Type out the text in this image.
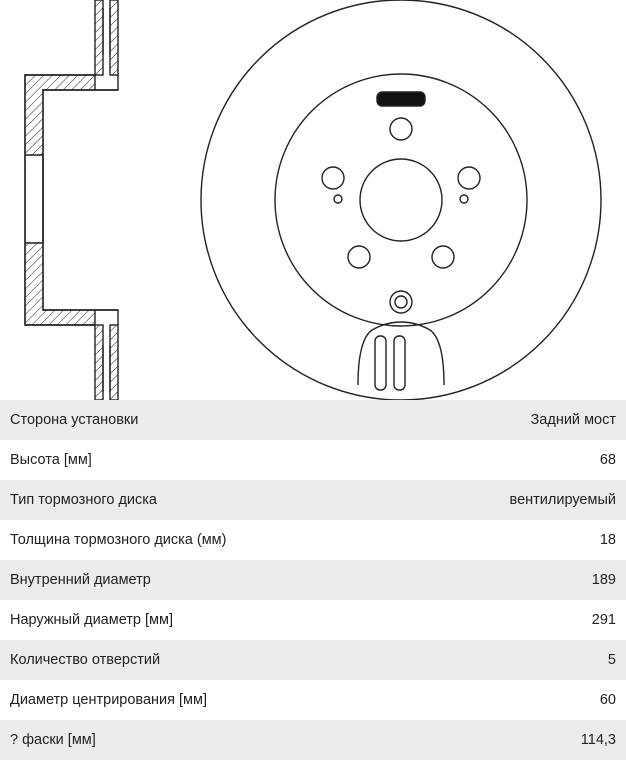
Сторона установки	Задний мост
Высота [мм]	68
Тип тормозного диска	вентилируемый
Толщина тормозного диска (мм)	18
Внутренний диаметр	189
Наружный диаметр [мм]	291
Количество отверстий	5
Диаметр центрирования [мм]	60
? фаски [мм]	114,3
